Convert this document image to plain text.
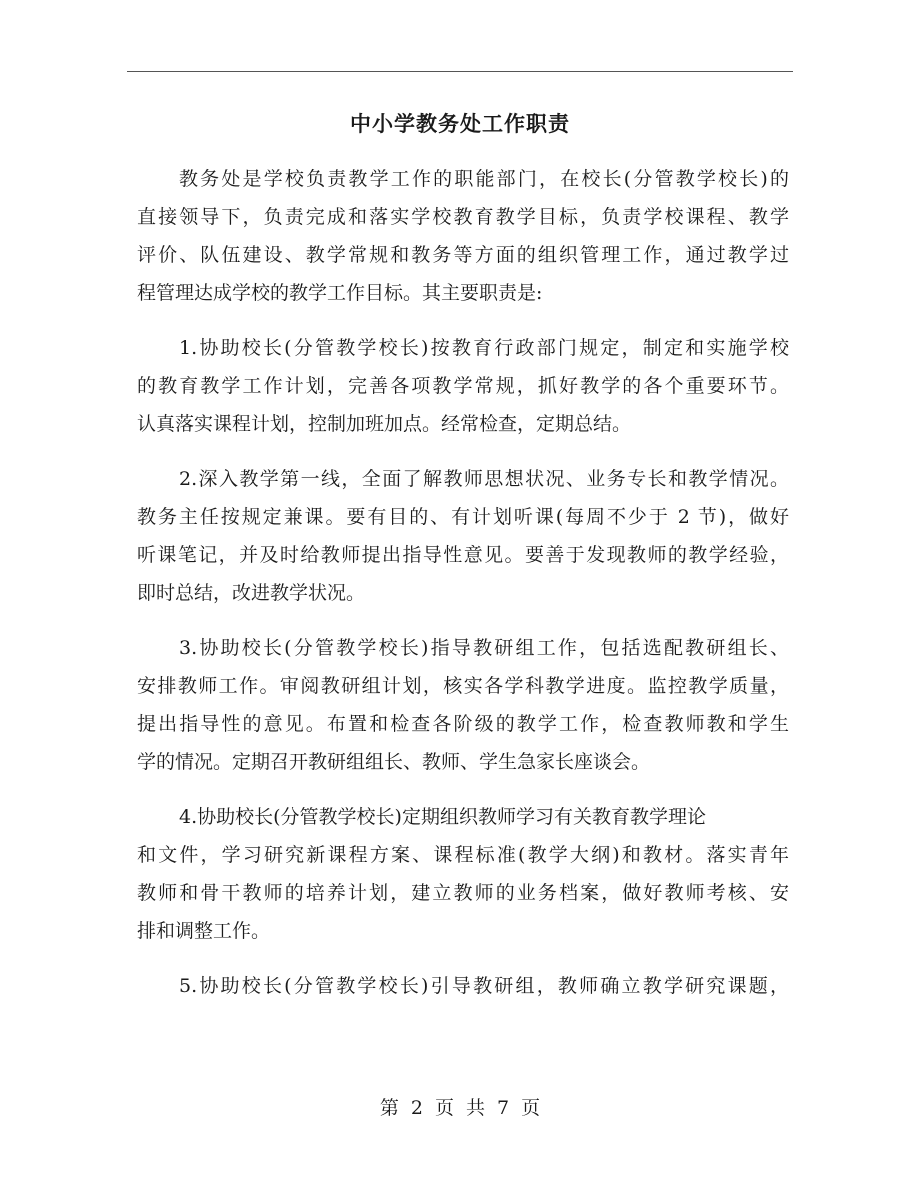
中小学教务处工作职责

教务处是学校负责教学工作的职能部门，在校长(分管教学校长)的
直接领导下，负责完成和落实学校教育教学目标，负责学校课程、教学
评价、队伍建设、教学常规和教务等方面的组织管理工作，通过教学过
程管理达成学校的教学工作目标。其主要职责是:

1.协助校长(分管教学校长)按教育行政部门规定，制定和实施学校
的教育教学工作计划，完善各项教学常规，抓好教学的各个重要环节。
认真落实课程计划，控制加班加点。经常检查，定期总结。

2.深入教学第一线，全面了解教师思想状况、业务专长和教学情况。
教务主任按规定兼课。要有目的、有计划听课(每周不少于 2 节)，做好
听课笔记，并及时给教师提出指导性意见。要善于发现教师的教学经验，
即时总结，改进教学状况。

3.协助校长(分管教学校长)指导教研组工作，包括选配教研组长、
安排教师工作。审阅教研组计划，核实各学科教学进度。监控教学质量，
提出指导性的意见。布置和检查各阶级的教学工作，检查教师教和学生
学的情况。定期召开教研组组长、教师、学生急家长座谈会。

4.协助校长(分管教学校长)定期组织教师学习有关教育教学理论
和文件，学习研究新课程方案、课程标准(教学大纲)和教材。落实青年
教师和骨干教师的培养计划，建立教师的业务档案，做好教师考核、安
排和调整工作。

5.协助校长(分管教学校长)引导教研组，教师确立教学研究课题，

第 2 页 共 7 页
